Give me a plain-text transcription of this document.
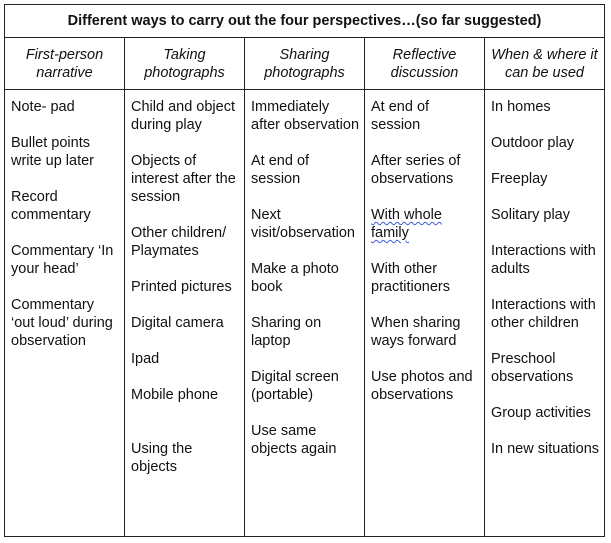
Different ways to carry out the four perspectives…(so far suggested)
First-person narrative
Note- pad
Bullet points write up later
Record commentary
Commentary ‘In your head’
Commentary ‘out loud’ during observation
Taking photographs
Child and object during play
Objects of interest after the session
Other children/ Playmates
Printed pictures
Digital camera
Ipad
Mobile phone
Using the objects
Sharing photographs
Immediately after observation
At end of session
Next visit/observation
Make a photo book
Sharing on laptop
Digital screen (portable)
Use same objects again
Reflective discussion
At end of session
After series of observations
With whole family
With other practitioners
When sharing ways forward
Use photos and observations
When & where it can be used
In homes
Outdoor play
Freeplay
Solitary play
Interactions with adults
Interactions with other children
Preschool observations
Group activities
In new situations
